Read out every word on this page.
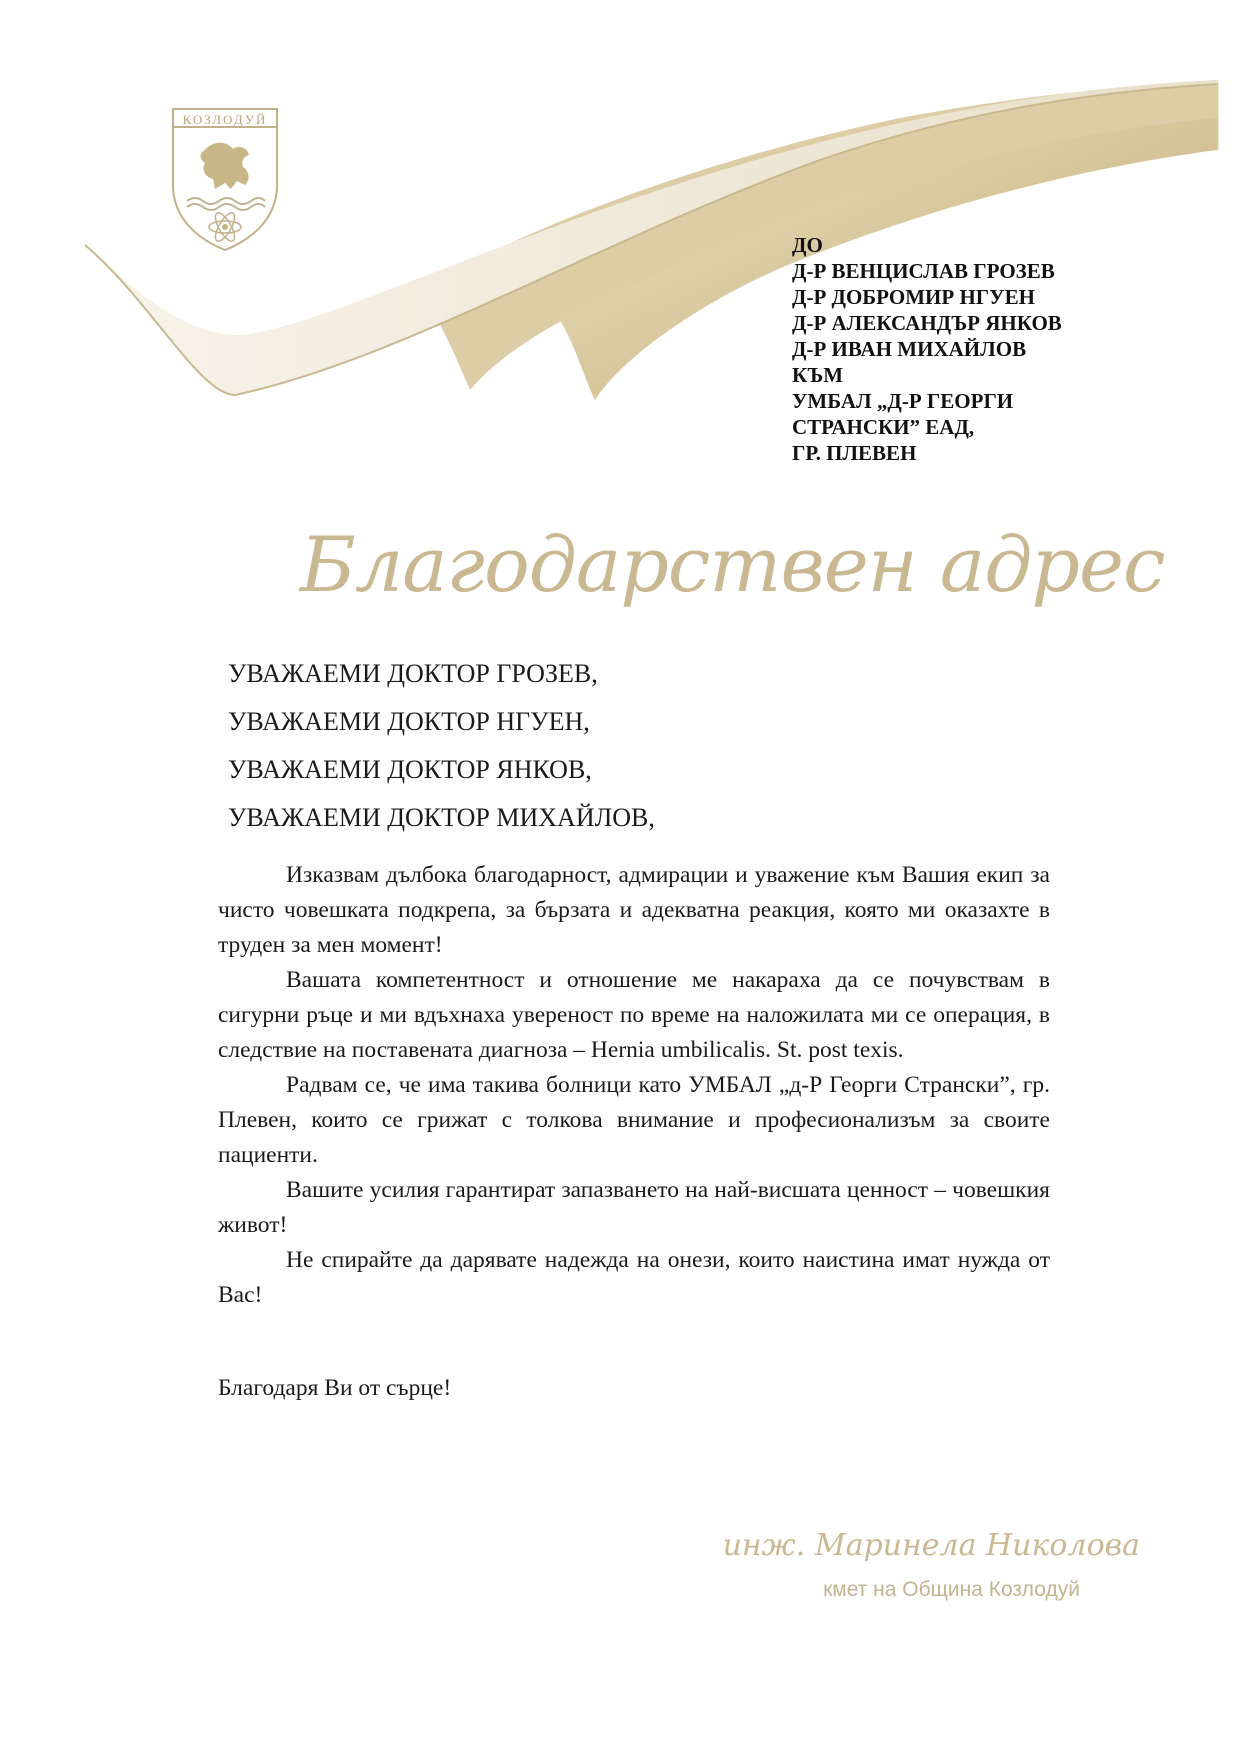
КОЗЛОДУЙ
ДО
Д-Р ВЕНЦИСЛАВ ГРОЗЕВ
Д-Р ДОБРОМИР НГУЕН
Д-Р АЛЕКСАНДЪР ЯНКОВ
Д-Р ИВАН МИХАЙЛОВ
КЪМ
УМБАЛ „Д-Р ГЕОРГИ
СТРАНСКИ” ЕАД,
ГР. ПЛЕВЕН
Благодарствен адрес
УВАЖАЕМИ ДОКТОР ГРОЗЕВ,
УВАЖАЕМИ ДОКТОР НГУЕН,
УВАЖАЕМИ ДОКТОР ЯНКОВ,
УВАЖАЕМИ ДОКТОР МИХАЙЛОВ,

Изказвам дълбока благодарност, адмирации и уважение към Вашия екип за чисто човешката подкрепа, за бързата и адекватна реакция, която ми оказахте в труден за мен момент!

Вашата компетентност и отношение ме накараха да се почувствам в сигурни ръце и ми вдъхнаха увереност по време на наложилата ми се операция, в следствие на поставената диагноза – Hernia umbilicalis. St. post texis.

Радвам се, че има такива болници като УМБАЛ „д-Р Георги Странски”, гр. Плевен, които се грижат с толкова внимание и професионализъм за своите пациенти.

Вашите усилия гарантират запазването на най-висшата ценност – човешкия живот!

Не спирайте да дарявате надежда на онези, които наистина имат нужда от Вас!

Благодаря Ви от сърце!
инж. Маринела Николова
кмет на Община Козлодуй
